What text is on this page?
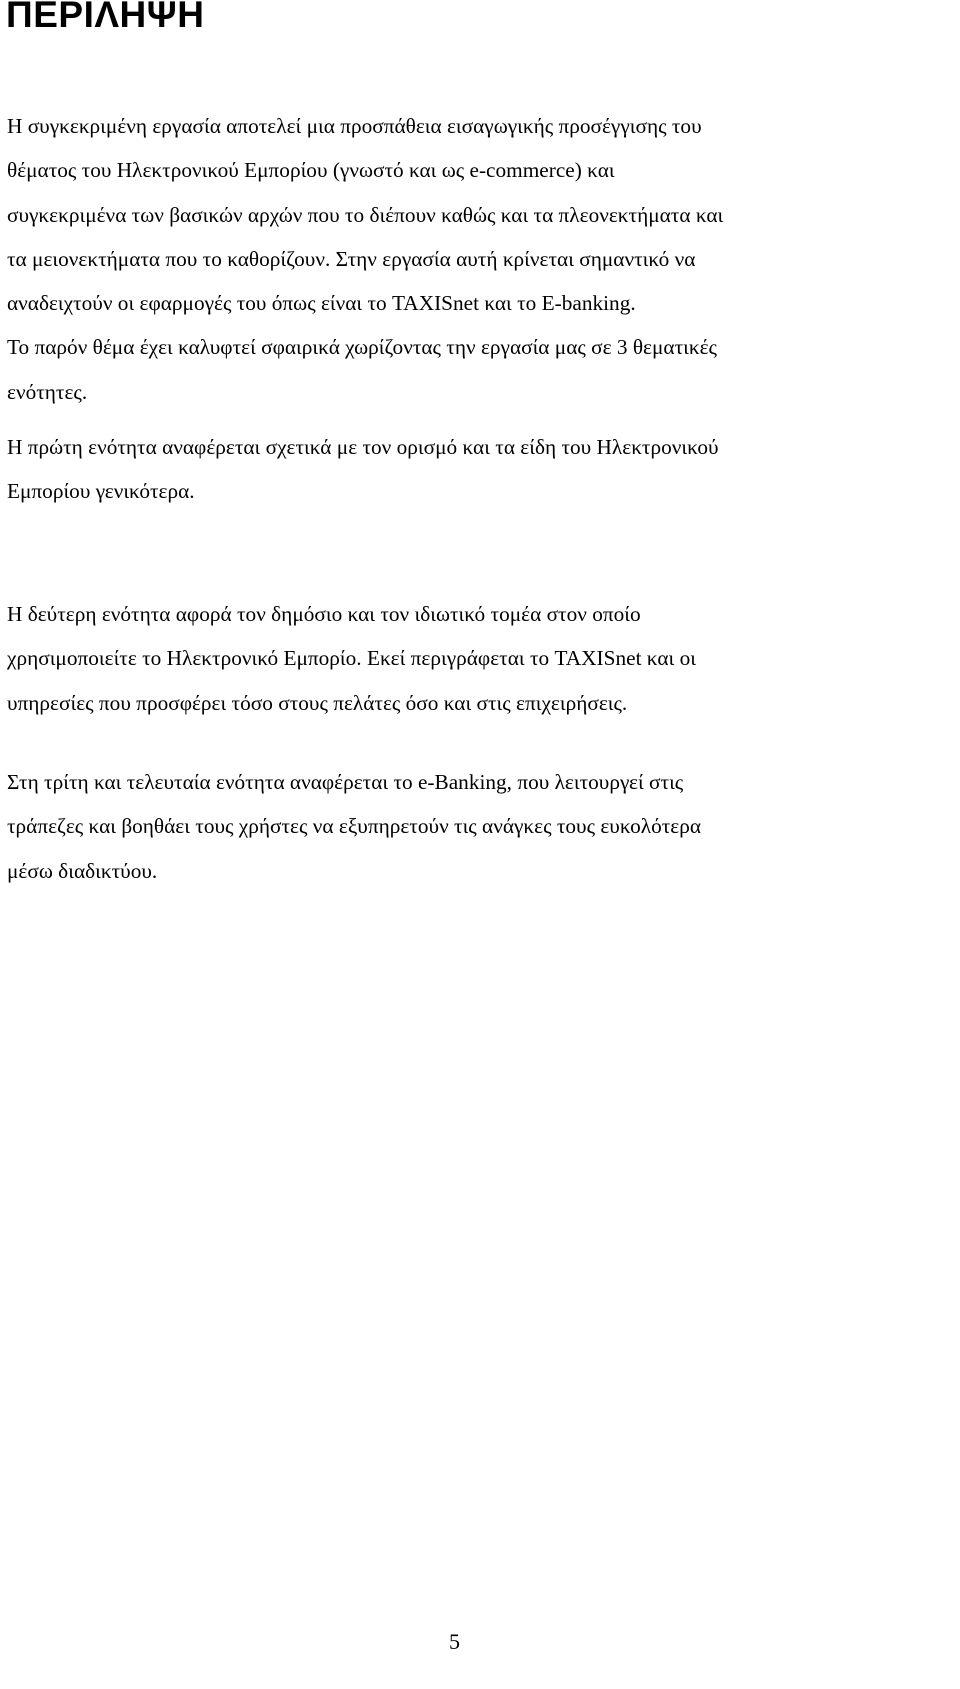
ΠΕΡΙΛΗΨΗ

Η συγκεκριμένη εργασία αποτελεί μια προσπάθεια εισαγωγικής προσέγγισης του
θέματος του Ηλεκτρονικού Εμπορίου (γνωστό και ως e-commerce) και
συγκεκριμένα των βασικών αρχών που το διέπουν καθώς και τα πλεονεκτήματα και
τα μειονεκτήματα που το καθορίζουν. Στην εργασία αυτή κρίνεται σημαντικό να
αναδειχτούν οι εφαρμογές του όπως είναι το TAXISnet και το E-banking.
Το παρόν θέμα έχει καλυφτεί σφαιρικά χωρίζοντας την εργασία μας σε 3 θεματικές
ενότητες.

Η πρώτη ενότητα αναφέρεται σχετικά με τον ορισμό και τα είδη του Ηλεκτρονικού
Εμπορίου γενικότερα.

Η δεύτερη ενότητα αφορά τον δημόσιο και τον ιδιωτικό τομέα στον οποίο
χρησιμοποιείτε το Ηλεκτρονικό Εμπορίο. Εκεί περιγράφεται το TAXISnet και οι
υπηρεσίες που προσφέρει τόσο στους πελάτες όσο και στις επιχειρήσεις.

Στη τρίτη και τελευταία ενότητα αναφέρεται το e-Banking, που λειτουργεί στις
τράπεζες και βοηθάει τους χρήστες να εξυπηρετούν τις ανάγκες τους ευκολότερα
μέσω διαδικτύου.

5
